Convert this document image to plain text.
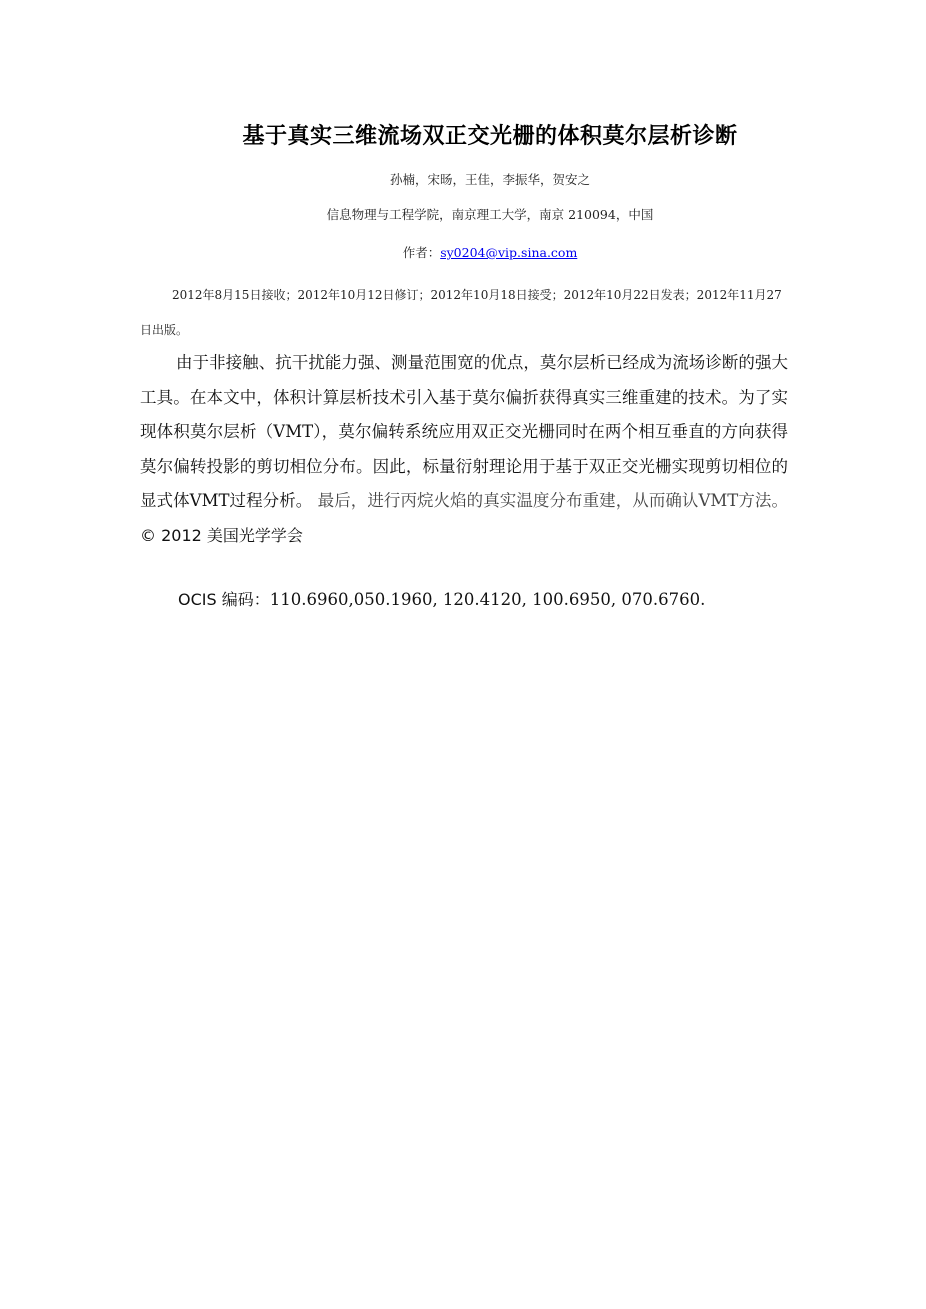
基于真实三维流场双正交光栅的体积莫尔层析诊断
孙楠，宋旸，王佳，李振华，贺安之
信息物理与工程学院，南京理工大学，南京 210094，中国
作者：sy0204@vip.sina.com
2012年8月15日接收；2012年10月12日修订；2012年10月18日接受；2012年10月22日发表；2012年11月27日出版。
由于非接触、抗干扰能力强、测量范围宽的优点，莫尔层析已经成为流场诊断的强大工具。在本文中，体积计算层析技术引入基于莫尔偏折获得真实三维重建的技术。为了实现体积莫尔层析（VMT），莫尔偏转系统应用双正交光栅同时在两个相互垂直的方向获得莫尔偏转投影的剪切相位分布。因此，标量衍射理论用于基于双正交光栅实现剪切相位的显式体VMT过程分析。 最后，进行丙烷火焰的真实温度分布重建，从而确认VMT方法。© 2012 美国光学学会
OCIS 编码：110.6960,050.1960, 120.4120, 100.6950, 070.6760.
